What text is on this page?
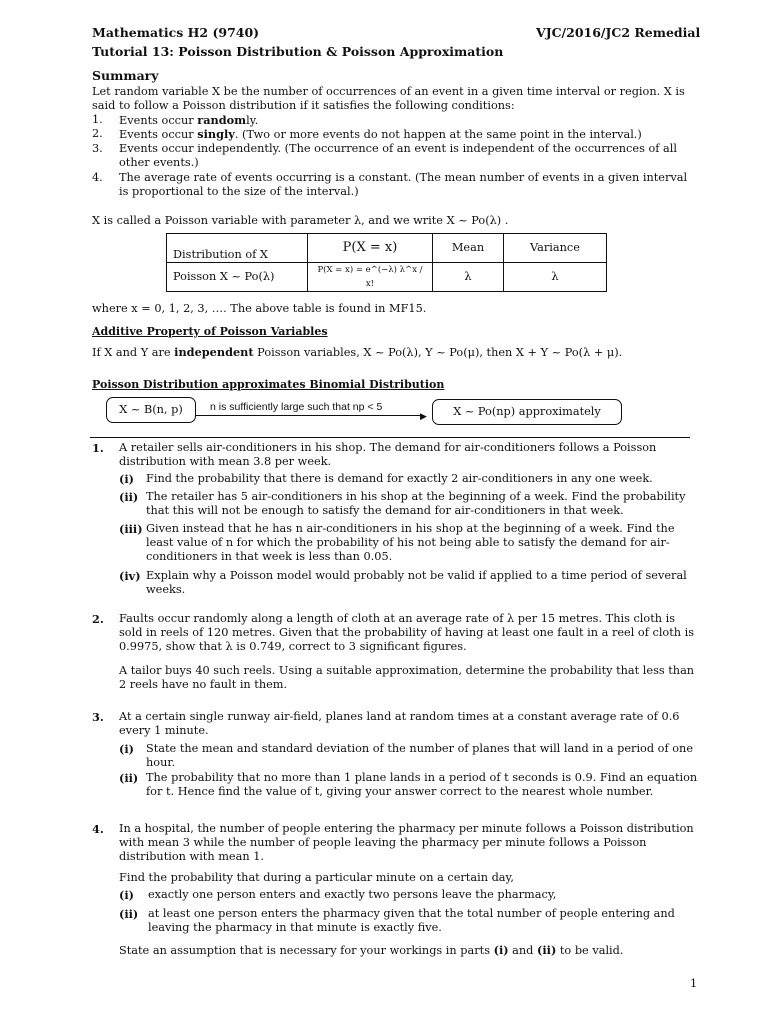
Mathematics H2 (9740)	VJC/2016/JC2 Remedial
Tutorial 13: Poisson Distribution & Poisson Approximation
Summary
Let random variable X be the number of occurrences of an event in a given time interval or region. X is
said to follow a Poisson distribution if it satisfies the following conditions:
1. Events occur randomly.
2. Events occur singly. (Two or more events do not happen at the same point in the interval.)
3. Events occur independently. (The occurrence of an event is independent of the occurrences of all
other events.)
4. The average rate of events occurring is a constant. (The mean number of events in a given interval
is proportional to the size of the interval.)
X is called a Poisson variable with parameter λ, and we write X ~ Po(λ) .
Distribution of X	P(X = x)	Mean	Variance
Poisson X ~ Po(λ)	P(X = x) = e^(−λ) λ^x / x!	λ	λ
where x = 0, 1, 2, 3, …. The above table is found in MF15.
Additive Property of Poisson Variables
If X and Y are independent Poisson variables, X ~ Po(λ), Y ~ Po(μ), then X + Y ~ Po(λ + μ).
Poisson Distribution approximates Binomial Distribution
X ~ B(n, p)	n is sufficiently large such that np < 5
▶	X ~ Po(np) approximately
1. A retailer sells air-conditioners in his shop. The demand for air-conditioners follows a Poisson
distribution with mean 3.8 per week.
(i) Find the probability that there is demand for exactly 2 air-conditioners in any one week.
(ii) The retailer has 5 air-conditioners in his shop at the beginning of a week. Find the probability
that this will not be enough to satisfy the demand for air-conditioners in that week.
(iii) Given instead that he has n air-conditioners in his shop at the beginning of a week. Find the
least value of n for which the probability of his not being able to satisfy the demand for air-
conditioners in that week is less than 0.05.
(iv) Explain why a Poisson model would probably not be valid if applied to a time period of several
weeks.
2. Faults occur randomly along a length of cloth at an average rate of λ per 15 metres. This cloth is
sold in reels of 120 metres. Given that the probability of having at least one fault in a reel of cloth is
0.9975, show that λ is 0.749, correct to 3 significant figures.
A tailor buys 40 such reels. Using a suitable approximation, determine the probability that less than
2 reels have no fault in them.
3. At a certain single runway air-field, planes land at random times at a constant average rate of 0.6
every 1 minute.
(i) State the mean and standard deviation of the number of planes that will land in a period of one
hour.
(ii) The probability that no more than 1 plane lands in a period of t seconds is 0.9. Find an equation
for t. Hence find the value of t, giving your answer correct to the nearest whole number.
4. In a hospital, the number of people entering the pharmacy per minute follows a Poisson distribution
with mean 3 while the number of people leaving the pharmacy per minute follows a Poisson
distribution with mean 1.
Find the probability that during a particular minute on a certain day,
(i) exactly one person enters and exactly two persons leave the pharmacy,
(ii) at least one person enters the pharmacy given that the total number of people entering and
leaving the pharmacy in that minute is exactly five.
State an assumption that is necessary for your workings in parts (i) and (ii) to be valid.
1
